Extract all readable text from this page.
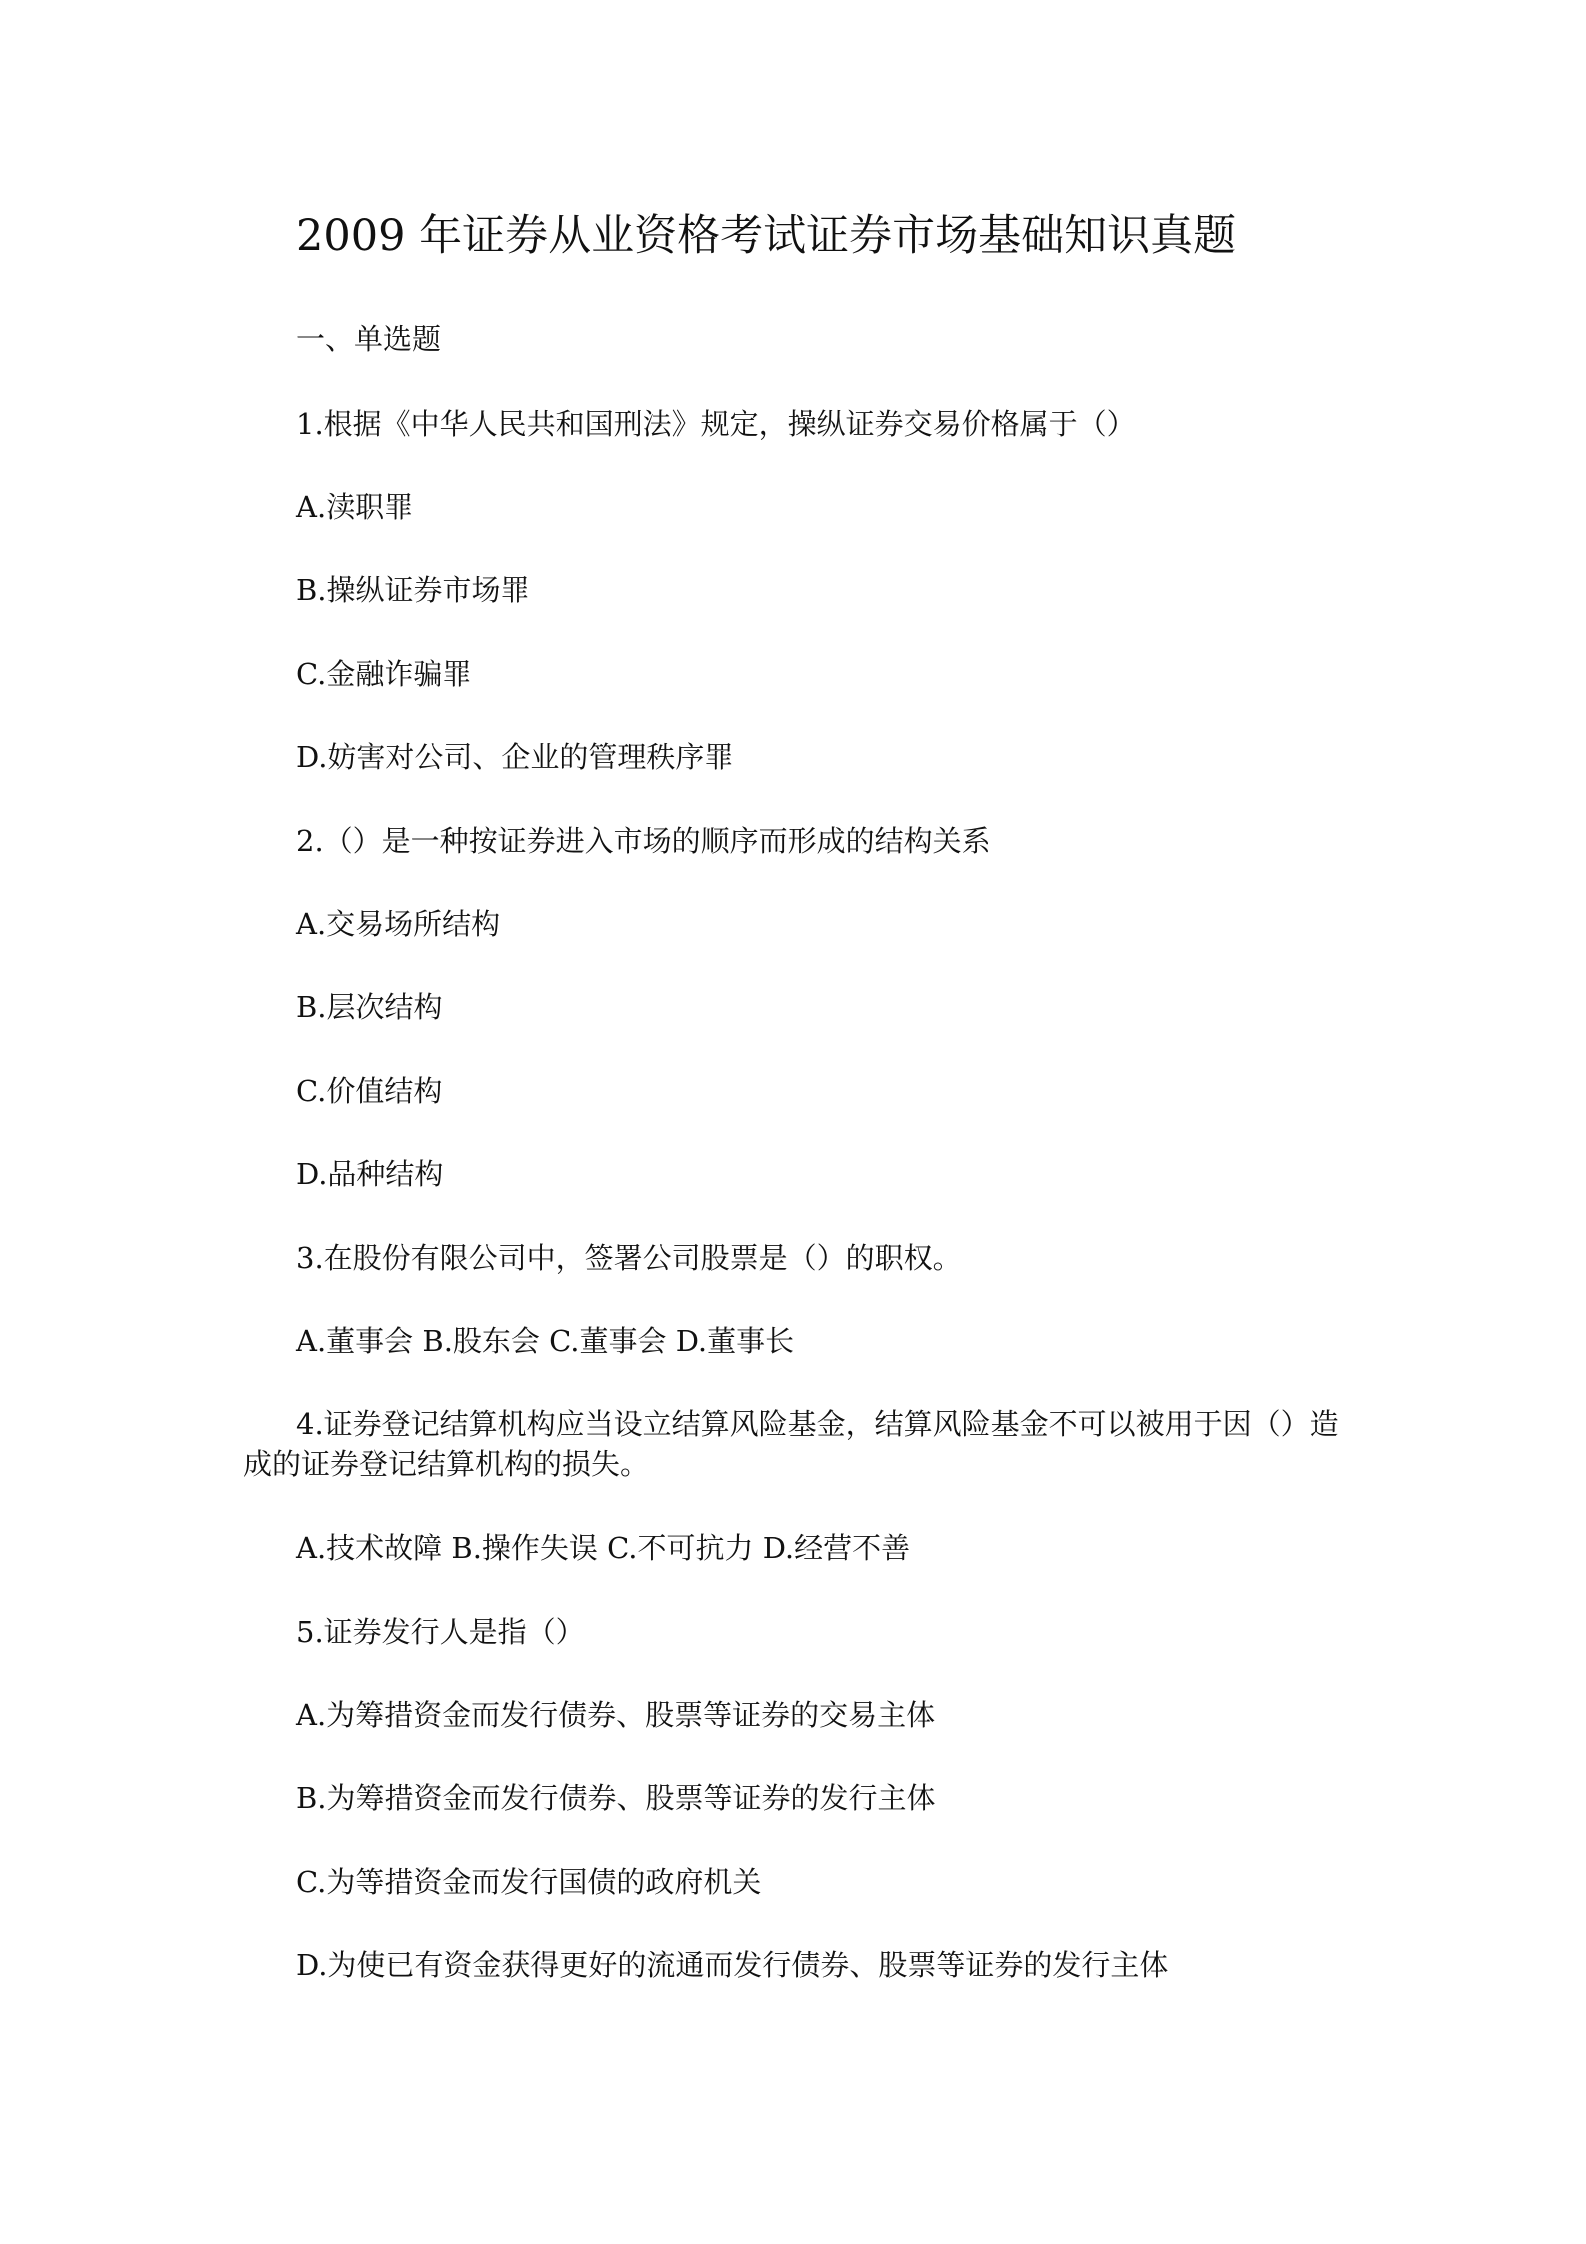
2009 年证券从业资格考试证券市场基础知识真题
一、单选题
1.根据《中华人民共和国刑法》规定，操纵证券交易价格属于（）
A.渎职罪
B.操纵证券市场罪
C.金融诈骗罪
D.妨害对公司、企业的管理秩序罪
2.（）是一种按证券进入市场的顺序而形成的结构关系
A.交易场所结构
B.层次结构
C.价值结构
D.品种结构
3.在股份有限公司中，签署公司股票是（）的职权。
A.董事会 B.股东会 C.董事会 D.董事长
4.证券登记结算机构应当设立结算风险基金，结算风险基金不可以被用于因（）造成的证券登记结算机构的损失。
A.技术故障 B.操作失误 C.不可抗力 D.经营不善
5.证券发行人是指（）
A.为筹措资金而发行债券、股票等证券的交易主体
B.为筹措资金而发行债券、股票等证券的发行主体
C.为等措资金而发行国债的政府机关
D.为使已有资金获得更好的流通而发行债券、股票等证券的发行主体
